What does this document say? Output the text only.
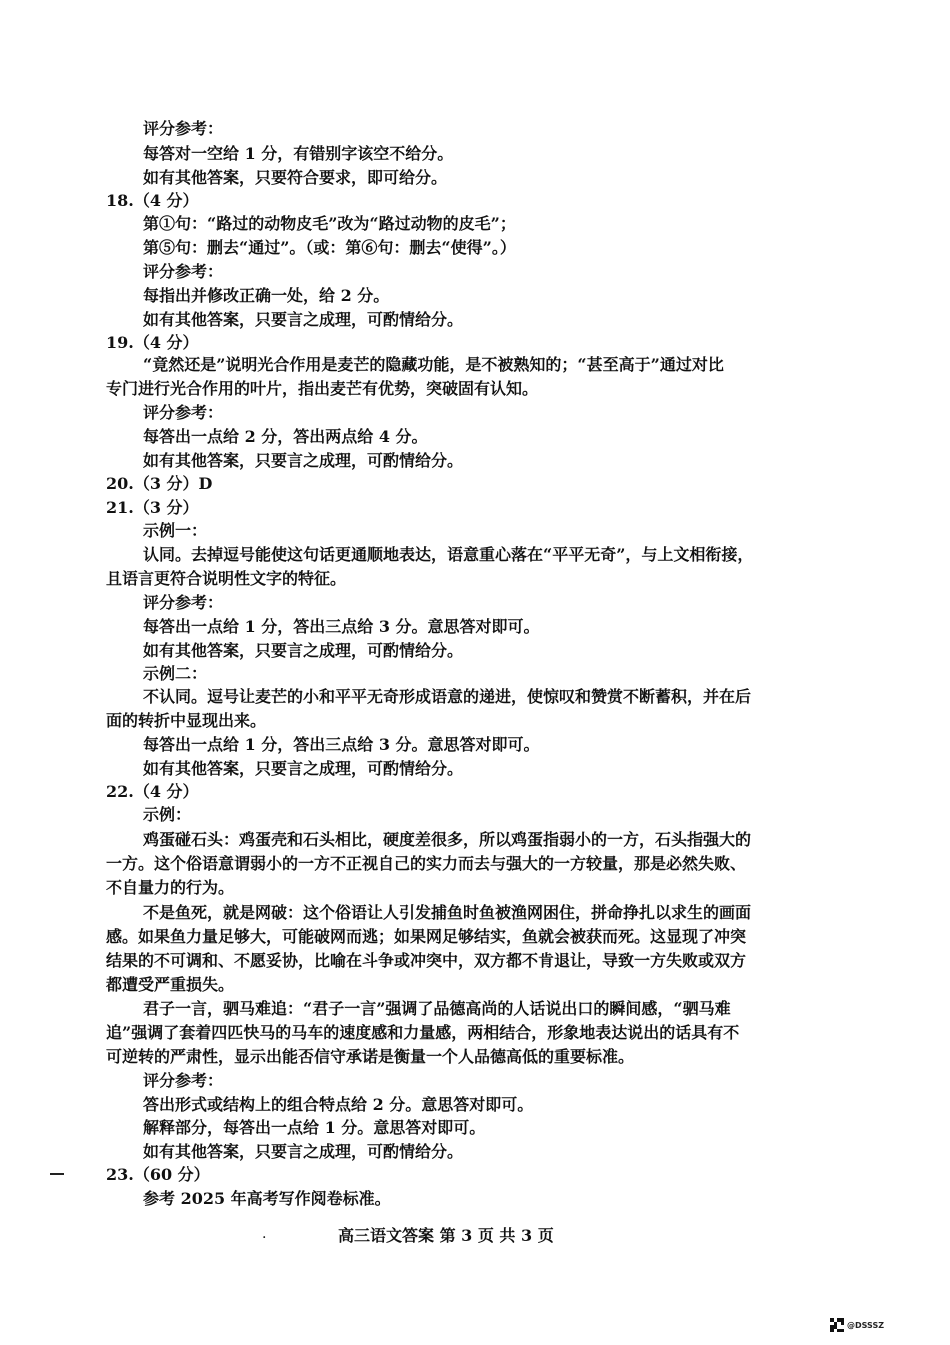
评分参考：
每答对一空给 1 分，有错别字该空不给分。
如有其他答案，只要符合要求，即可给分。
18.（4 分）
第①句：“路过的动物皮毛”改为“路过动物的皮毛”；
第⑤句：删去“通过”。（或：第⑥句：删去“使得”。）
评分参考：
每指出并修改正确一处，给 2 分。
如有其他答案，只要言之成理，可酌情给分。
19.（4 分）
“竟然还是”说明光合作用是麦芒的隐藏功能，是不被熟知的；“甚至高于”通过对比
专门进行光合作用的叶片，指出麦芒有优势，突破固有认知。
评分参考：
每答出一点给 2 分，答出两点给 4 分。
如有其他答案，只要言之成理，可酌情给分。
20.（3 分）D
21.（3 分）
示例一：
认同。去掉逗号能使这句话更通顺地表达，语意重心落在“平平无奇”，与上文相衔接，
且语言更符合说明性文字的特征。
评分参考：
每答出一点给 1 分，答出三点给 3 分。意思答对即可。
如有其他答案，只要言之成理，可酌情给分。
示例二：
不认同。逗号让麦芒的小和平平无奇形成语意的递进，使惊叹和赞赏不断蓄积，并在后
面的转折中显现出来。
每答出一点给 1 分，答出三点给 3 分。意思答对即可。
如有其他答案，只要言之成理，可酌情给分。
22.（4 分）
示例：
鸡蛋碰石头：鸡蛋壳和石头相比，硬度差很多，所以鸡蛋指弱小的一方，石头指强大的
一方。这个俗语意谓弱小的一方不正视自己的实力而去与强大的一方较量，那是必然失败、
不自量力的行为。
不是鱼死，就是网破：这个俗语让人引发捕鱼时鱼被渔网困住，拼命挣扎以求生的画面
感。如果鱼力量足够大，可能破网而逃；如果网足够结实，鱼就会被获而死。这显现了冲突
结果的不可调和、不愿妥协，比喻在斗争或冲突中，双方都不肯退让，导致一方失败或双方
都遭受严重损失。
君子一言，驷马难追：“君子一言”强调了品德高尚的人话说出口的瞬间感，“驷马难
追”强调了套着四匹快马的马车的速度感和力量感，两相结合，形象地表达说出的话具有不
可逆转的严肃性，显示出能否信守承诺是衡量一个人品德高低的重要标准。
评分参考：
答出形式或结构上的组合特点给 2 分。意思答对即可。
解释部分，每答出一点给 1 分。意思答对即可。
如有其他答案，只要言之成理，可酌情给分。
23.（60 分）
参考 2025 年高考写作阅卷标准。
.	高三语文答案 第 3 页 共 3 页
@DSSSZ
